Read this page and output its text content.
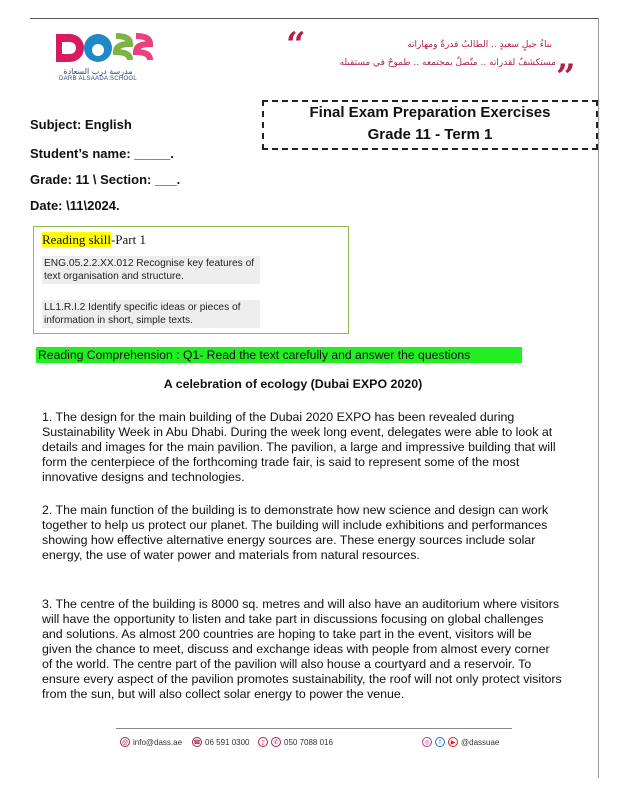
مدرسة درب السعادة
DARB ALSAADA SCHOOL
“	بناءُ جيلٍ سعيدٍ .. الطالبُ قدرةٌ ومهاراته
مستكشفٌ لقدراته .. متّصلٌ بمجتمعه .. طموحٌ في مستقبله ”
Final Exam Preparation Exercises
Grade 11 - Term 1
Subject: English
Student’s name: _____.
Grade: 11 \ Section: ___.
Date: \11\2024.
Reading skill-Part 1
ENG.05.2.2.XX.012 Recognise key features of text organisation and structure.
LL1.R.I.2 Identify specific ideas or pieces of information in short, simple texts.
Reading Comprehension : Q1- Read the text carefully and answer the questions
A celebration of ecology (Dubai EXPO 2020)

1. The design for the main building of the Dubai 2020 EXPO has been revealed during Sustainability Week in Abu Dhabi. During the week long event, delegates were able to look at details and images for the main pavilion. The pavilion, a large and impressive building that will form the centerpiece of the forthcoming trade fair, is said to represent some of the most innovative designs and technologies.

2. The main function of the building is to demonstrate how new science and design can work together to help us protect our planet. The building will include exhibitions and performances showing how effective alternative energy sources are. These energy sources include solar energy, the use of water power and materials from natural resources.

3. The centre of the building is 8000 sq. metres and will also have an auditorium where visitors will have the opportunity to listen and take part in discussions focusing on global challenges and solutions. As almost 200 countries are hoping to take part in the event, visitors will be given the chance to meet, discuss and exchange ideas with people from almost every corner of the world. The centre part of the pavilion will also house a courtyard and a reservoir. To ensure every aspect of the pavilion promotes sustainability, the roof will not only protect visitors from the sun, but will also collect solar energy to power the venue.

@ info@dass.ae ☎ 06 591 0300	▯	✆ 050 7088 016	◎	f	▶ @dassuae
